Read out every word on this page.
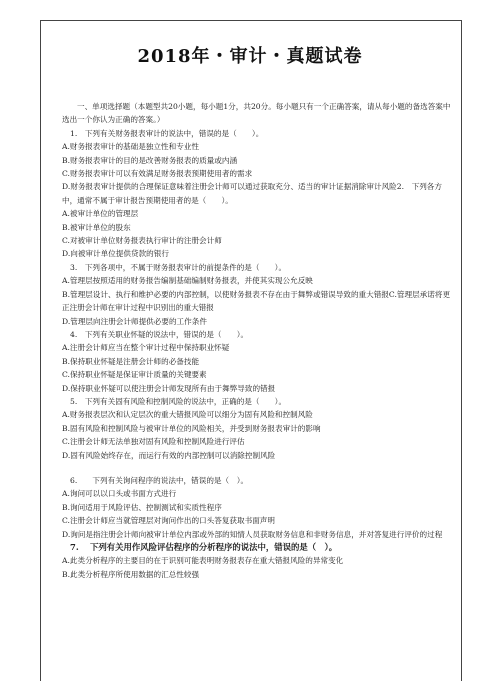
2018年・审计・真题试卷

一、单项选择题（本题型共20小题，每小题1分，共20分。每小题只有一个正确答案，请从每小题的备选答案中选出一个你认为正确的答案。）

1.　下列有关财务报表审计的说法中，错误的是（　　）。

A.财务报表审计的基础是独立性和专业性

B.财务报表审计的目的是改善财务报表的质量或内涵

C.财务报表审计可以有效满足财务报表预期使用者的需求

D.财务报表审计提供的合理保证意味着注册会计师可以通过获取充分、适当的审计证据消除审计风险2.　下列各方中，通常不属于审计报告预期使用者的是（　　）。

A.被审计单位的管理层

B.被审计单位的股东

C.对被审计单位财务报表执行审计的注册会计师

D.向被审计单位提供贷款的银行

3.　下列各项中，不属于财务报表审计的前提条件的是（　　）。

A.管理层按照适用的财务报告编制基础编制财务报表，并使其实现公允反映

B.管理层设计、执行和维护必要的内部控制，以使财务报表不存在由于舞弊或错误导致的重大错报C.管理层承诺将更正注册会计师在审计过程中识别出的重大错报

D.管理层向注册会计师提供必要的工作条件

4.　下列有关职业怀疑的说法中，错误的是（　　）。

A.注册会计师应当在整个审计过程中保持职业怀疑

B.保持职业怀疑是注册会计师的必备技能

C.保持职业怀疑是保证审计质量的关键要素

D.保持职业怀疑可以使注册会计师发现所有由于舞弊导致的错报

5.　下列有关固有风险和控制风险的说法中，正确的是（　　）。

A.财务报表层次和认定层次的重大错报风险可以细分为固有风险和控制风险

B.固有风险和控制风险与被审计单位的风险相关，并受到财务报表审计的影响

C.注册会计师无法单独对固有风险和控制风险进行评估

D.固有风险始终存在，而运行有效的内部控制可以消除控制风险

6.　　下列有关询问程序的说法中，错误的是（　）。

A.询问可以以口头或书面方式进行

B.询问适用于风险评估、控制测试和实质性程序

C.注册会计师应当就管理层对询问作出的口头答复获取书面声明

D.询问是指注册会计师向被审计单位内部或外部的知情人员获取财务信息和非财务信息，并对答复进行评价的过程

7.　 下列有关用作风险评估程序的分析程序的说法中，错误的是（　）。

A.此类分析程序的主要目的在于识别可能表明财务报表存在重大错报风险的异常变化

B.此类分析程序所使用数据的汇总性较强
